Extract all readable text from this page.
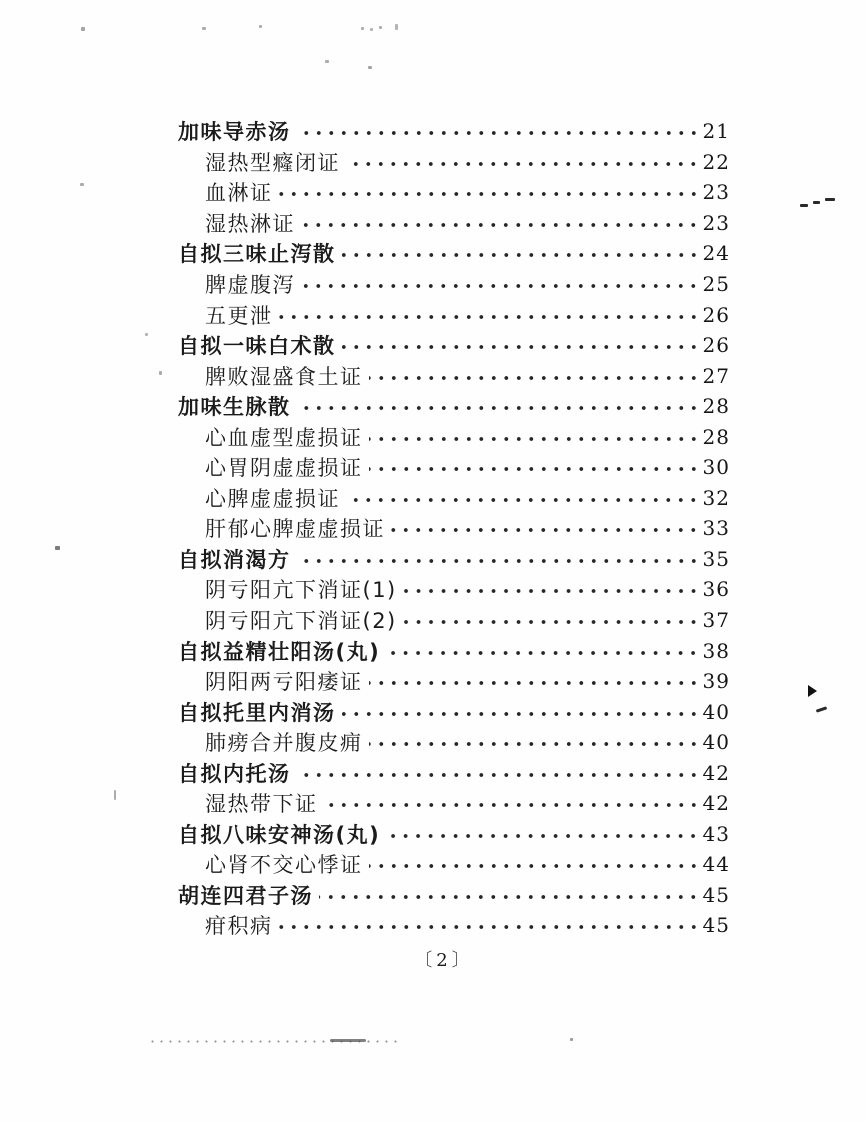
加味导赤汤	21
湿热型癃闭证	22
血淋证	23
湿热淋证	23
自拟三味止泻散	24
脾虚腹泻	25
五更泄	26
自拟一味白术散	26
脾败湿盛食土证	27
加味生脉散	28
心血虚型虚损证	28
心胃阴虚虚损证	30
心脾虚虚损证	32
肝郁心脾虚虚损证	33
自拟消渴方	35
阴亏阳亢下消证(1)	36
阴亏阳亢下消证(2)	37
自拟益精壮阳汤(丸)	38
阴阳两亏阳痿证	39
自拟托里内消汤	40
肺痨合并腹皮痈	40
自拟内托汤	42
湿热带下证	42
自拟八味安神汤(丸)	43
心肾不交心悸证	44
胡连四君子汤	45
疳积病	45
〔2〕
